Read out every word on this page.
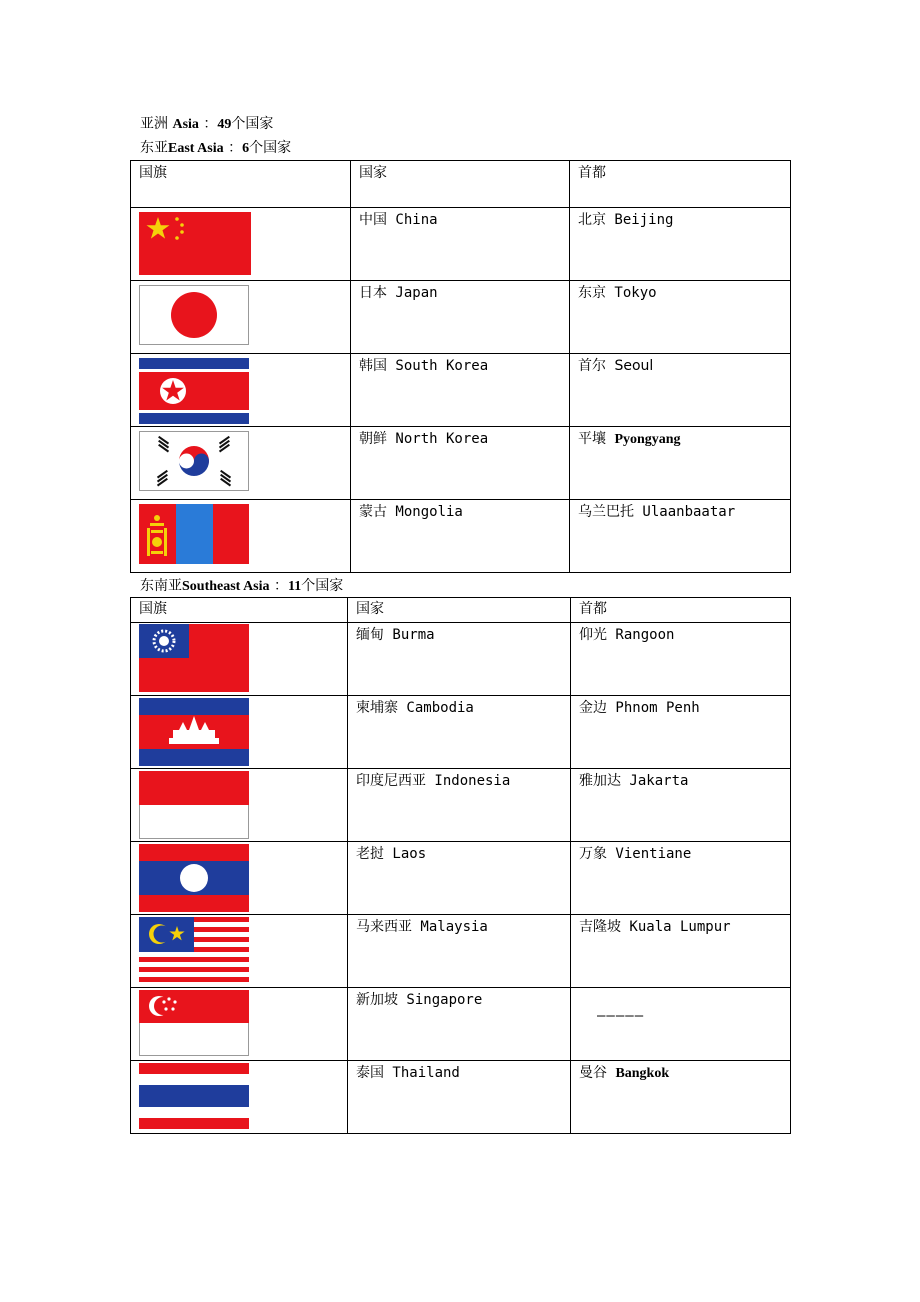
亚洲 Asia ：49个国家
东亚East Asia ：6个国家
国旗	国家	首都

	中国 China	北京 Beijing

	日本 Japan	东京 Tokyo

	韩国 South Korea	首尔 Seoul

	朝鲜 North Korea	平壤 Pyongyang

	蒙古 Mongolia	乌兰巴托 Ulaanbaatar
东南亚Southeast Asia ：11个国家
国旗	国家	首都

	缅甸 Burma	仰光 Rangoon

	柬埔寨 Cambodia	金边 Phnom Penh

	印度尼西亚 Indonesia	雅加达 Jakarta

	老挝 Laos	万象 Vientiane

	马来西亚 Malaysia	吉隆坡 Kuala Lumpur

	新加坡 Singapore	—————

	泰国 Thailand	曼谷 Bangkok
